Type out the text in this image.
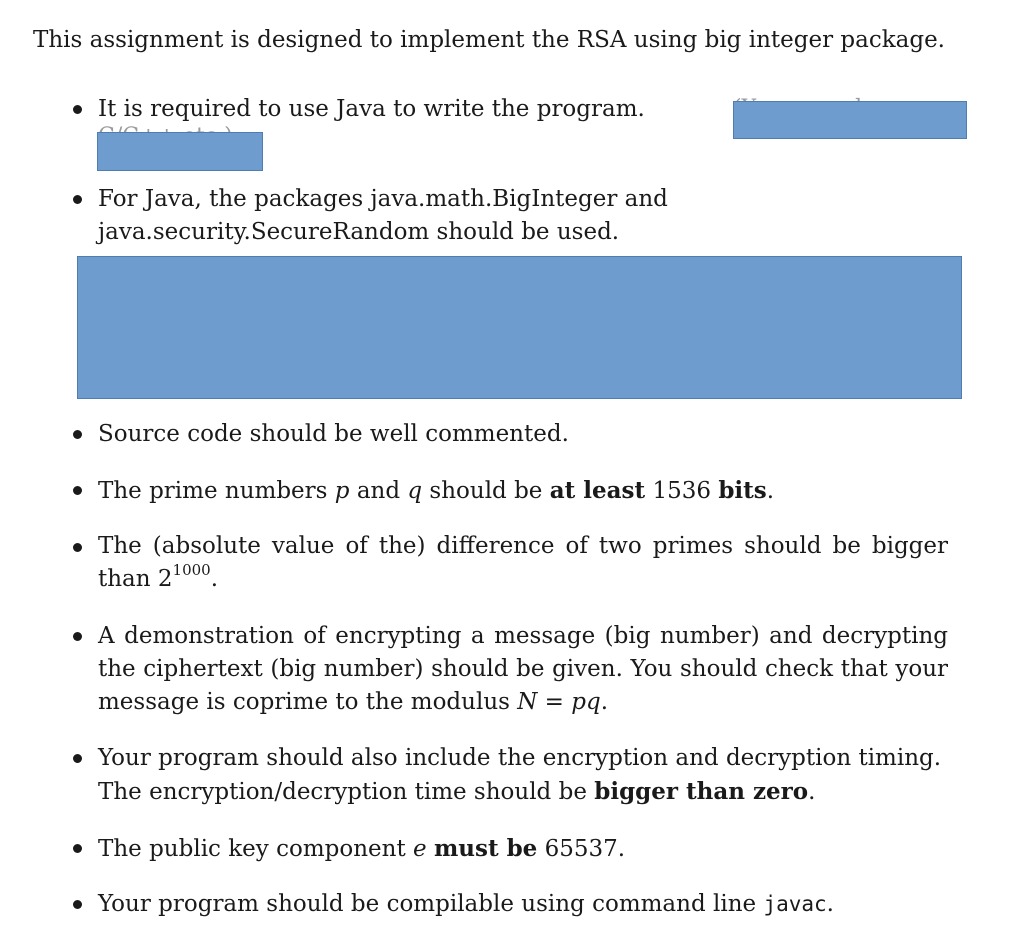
This assignment is designed to implement the RSA using big integer package.
It is required to use Java to write the program.
For Java, the packages java.math.BigInteger and java.security.SecureRandom should be used.
Source code should be well commented.
The prime numbers p and q should be at least 1536 bits.
The (absolute value of the) difference of two primes should be bigger than $2^{1000}$.
A demonstration of encrypting a message (big number) and decrypting the ciphertext (big number) should be given. You should check that your message is coprime to the modulus N = pq.
Your program should also include the encryption and decryption timing. The encryption/decryption time should be bigger than zero.
The public key component e must be 65537.
Your program should be compilable using command line javac.
